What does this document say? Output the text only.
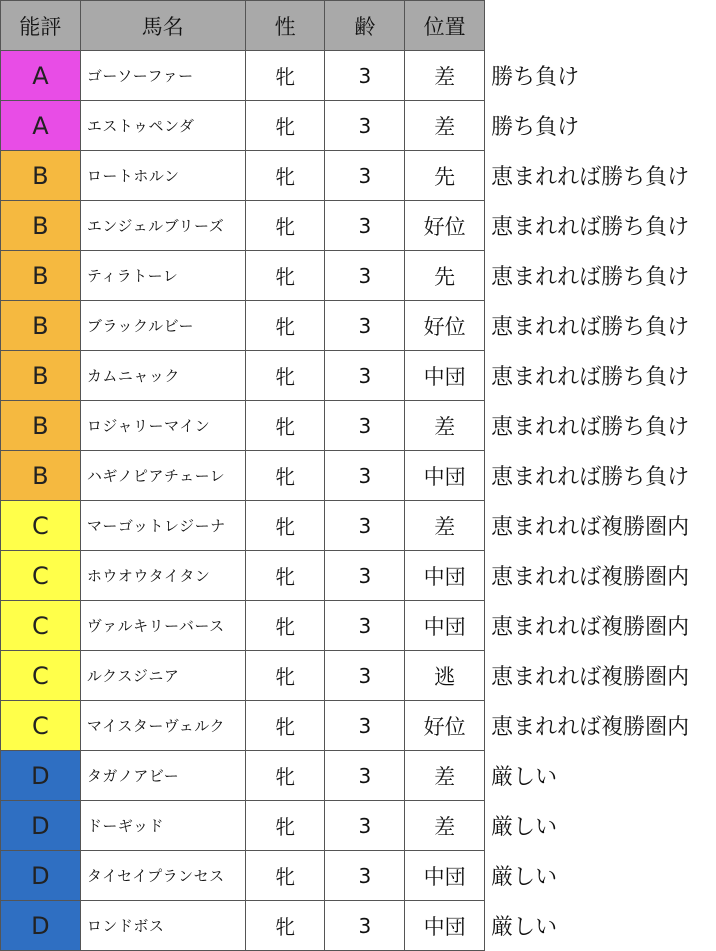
能評	馬名	性	齢	位置	
A	ゴーソーファー	牝	3	差	勝ち負け
A	エストゥペンダ	牝	3	差	勝ち負け
B	ロートホルン	牝	3	先	恵まれれば勝ち負け
B	エンジェルブリーズ	牝	3	好位	恵まれれば勝ち負け
B	ティラトーレ	牝	3	先	恵まれれば勝ち負け
B	ブラックルビー	牝	3	好位	恵まれれば勝ち負け
B	カムニャック	牝	3	中団	恵まれれば勝ち負け
B	ロジャリーマイン	牝	3	差	恵まれれば勝ち負け
B	ハギノピアチェーレ	牝	3	中団	恵まれれば勝ち負け
C	マーゴットレジーナ	牝	3	差	恵まれれば複勝圏内
C	ホウオウタイタン	牝	3	中団	恵まれれば複勝圏内
C	ヴァルキリーバース	牝	3	中団	恵まれれば複勝圏内
C	ルクスジニア	牝	3	逃	恵まれれば複勝圏内
C	マイスターヴェルク	牝	3	好位	恵まれれば複勝圏内
D	タガノアビー	牝	3	差	厳しい
D	ドーギッド	牝	3	差	厳しい
D	タイセイプランセス	牝	3	中団	厳しい
D	ロンドボス	牝	3	中団	厳しい
